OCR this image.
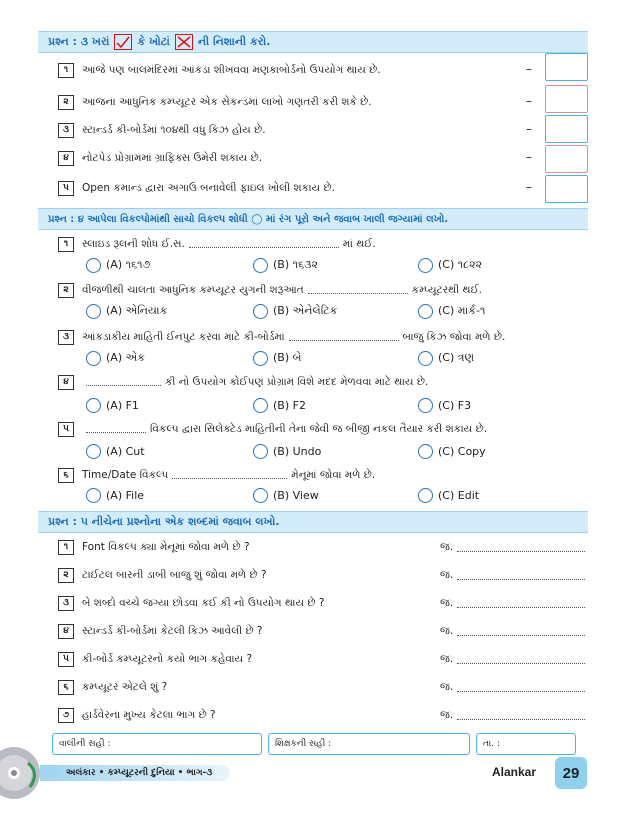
પ્રશ્ન : ૩ ખરાં	કે ખોટાં	ની નિશાની કરો.
૧	આજે પણ બાલમંદિરમાં આંકડા શીખવવા મણકાબોર્ડનો ઉપયોગ થાય છે.	–
૨	આજના આધુનિક કમ્પ્યૂટર એક સેકન્ડમાં લાખો ગણતરી કરી શકે છે.	–
૩	સ્ટાન્ડર્ડ કી-બોર્ડમાં ૧૦૪થી વધુ કિઝ હોય છે.	–
૪	નોટપેડ પ્રોગ્રામમાં ગ્રાફિક્સ ઉમેરી શકાય છે.	–
૫	Open કમાન્ડ દ્વારા અગાઉ બનાવેલી ફાઇલ ખોલી શકાય છે.	–
પ્રશ્ન : ૪ આપેલા વિકલ્પોમાંથી સાચો વિકલ્પ શોધી ◯ માં રંગ પૂરો અને જવાબ ખાલી જગ્યામાં લખો.
૧	સ્લાઇડ રૂલની શોધ ઈ.સ.	માં થઈ.
(A) ૧૬૧૭	(B) ૧૬૩૨	(C) ૧૮૨૨
૨	વીજળીથી ચાલતા આધુનિક કમ્પ્યૂટર યુગની શરૂઆત	કમ્પ્યૂટરથી થઈ.
(A) એનિયાક	(B) એનેલેટિક	(C) માર્ક-૧
૩	આંકડાકીય માહિતી ઈનપુટ કરવા માટે કી-બોર્ડમાં	બાજુ કિઝ જોવા મળે છે.
(A) એક	(B) બે	(C) ત્રણ
૪	કી નો ઉપયોગ કોઈપણ પ્રોગ્રામ વિશે મદદ મેળવવા માટે થાય છે.
(A) F1	(B) F2	(C) F3
૫	વિકલ્પ દ્વારા સિલેક્ટેડ માહિતીની તેના જેવી જ બીજી નકલ તૈયાર કરી શકાય છે.
(A) Cut	(B) Undo	(C) Copy
૬	Time/Date વિકલ્પ	મેનૂમાં જોવા મળે છે.
(A) File	(B) View	(C) Edit
પ્રશ્ન : ૫ નીચેના પ્રશ્નોના એક શબ્દમાં જવાબ લખો.
૧	Font વિકલ્પ ક્યા મેનૂમાં જોવા મળે છે ?	જ.
૨	ટાઈટલ બારની ડાબી બાજુ શું જોવા મળે છે ?	જ.
૩	બે શબ્દો વચ્ચે જગ્યા છોડવા કઈ કી નો ઉપયોગ થાય છે ?	જ.
૪	સ્ટાન્ડર્ડ કી-બોર્ડમાં કેટલી કિઝ આવેલી છે ?	જ.
૫	કી-બોર્ડ કમ્પ્યૂટરનો કયો ભાગ કહેવાય ?	જ.
૬	કમ્પ્યૂટર એટલે શું ?	જ.
૭	હાર્ડવેરના મુખ્ય કેટલા ભાગ છે ?	જ.
વાલીની સહી :	શિક્ષકની સહી :	તા. :
અલંકાર • કમ્પ્યૂટરની દુનિયા • ભાગ-૩	Alankar	29
